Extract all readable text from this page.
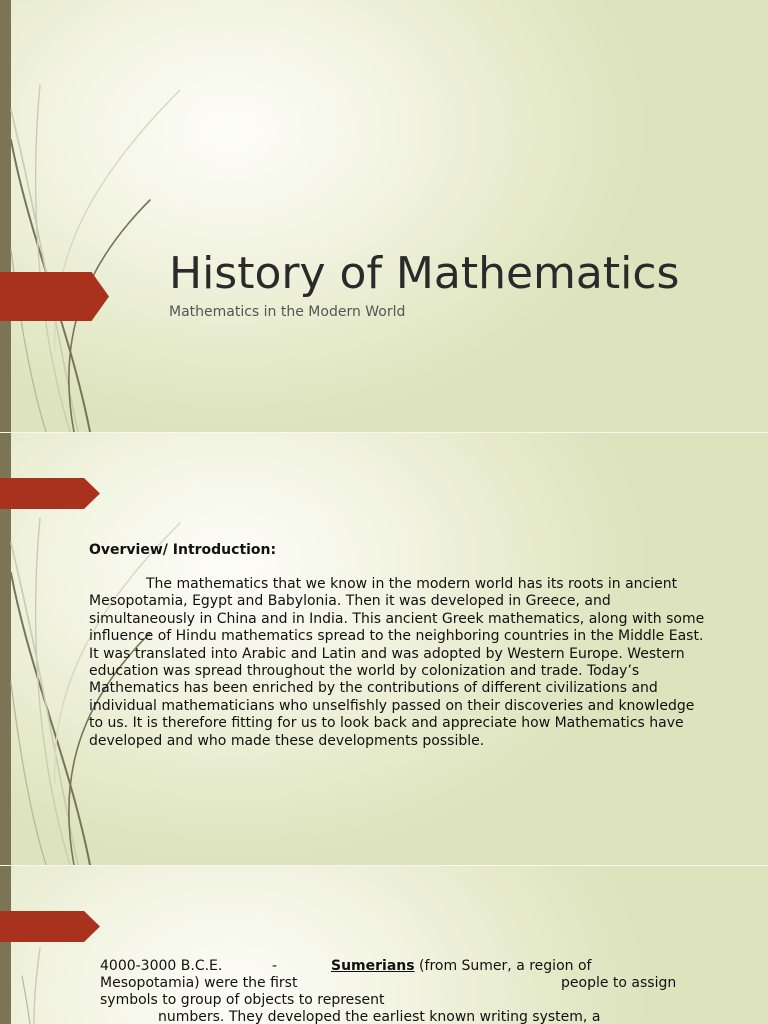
History of Mathematics
Mathematics in the Modern World
Overview/ Introduction:

The mathematics that we know in the modern world has its roots in ancient Mesopotamia, Egypt and Babylonia. Then it was developed in Greece, and simultaneously in China and in India. This ancient Greek mathematics, along with some influence of Hindu mathematics spread to the neighboring countries in the Middle East. It was translated into Arabic and Latin and was adopted by Western Europe. Western education was spread throughout the world by colonization and trade. Today’s Mathematics has been enriched by the contributions of different civilizations and individual mathematicians who unselfishly passed on their discoveries and knowledge to us. It is therefore fitting for us to look back and appreciate how Mathematics have developed and who made these developments possible.

4000-3000 B.C.E.	-	Sumerians (from Sumer, a region of
Mesopotamia) were the first	people to assign
symbols to group of objects to represent
numbers. They developed the earliest known writing system, a
